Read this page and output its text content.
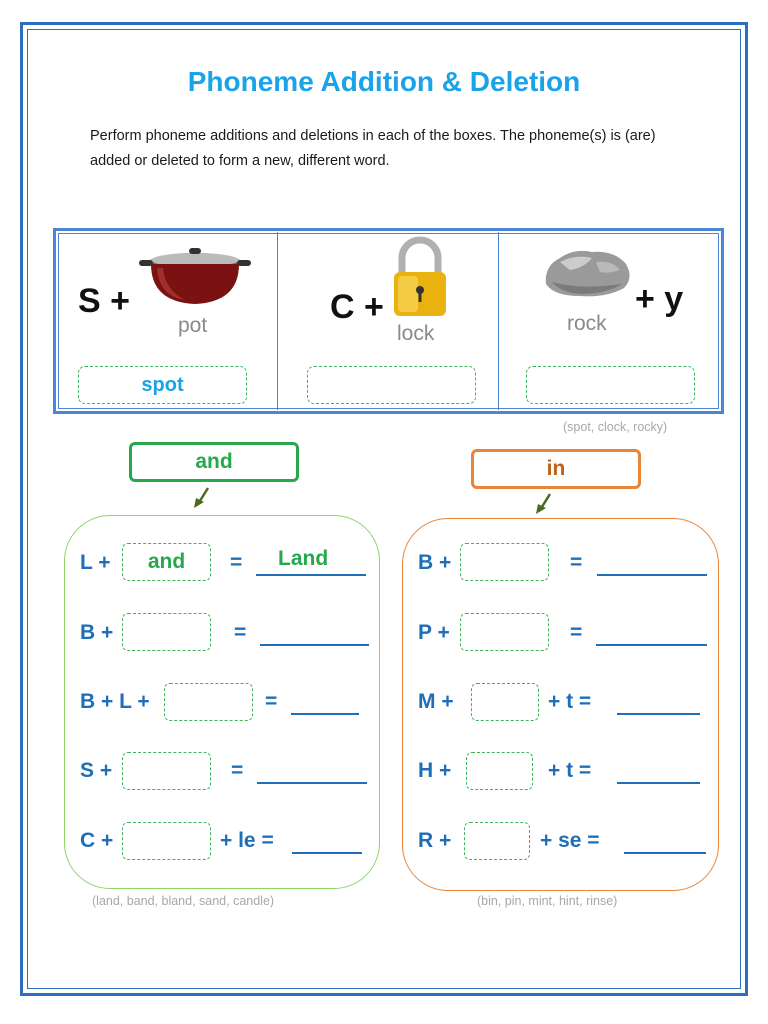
Phoneme Addition & Deletion
Perform phoneme additions and deletions in each of the boxes. The phoneme(s) is (are) added or deleted to form a new, different word.
S +
pot
spot
C +
lock	rock
+ y
(spot, clock, rocky)
and
L +	and	= Land
B +	=
B + L +	=
S +	=
C +	+ le =
(land, band, bland, sand, candle)
in
B +	=
P +	=
M +	+ t =
H +	+ t =
R +	+ se =
(bin, pin, mint, hint, rinse)
